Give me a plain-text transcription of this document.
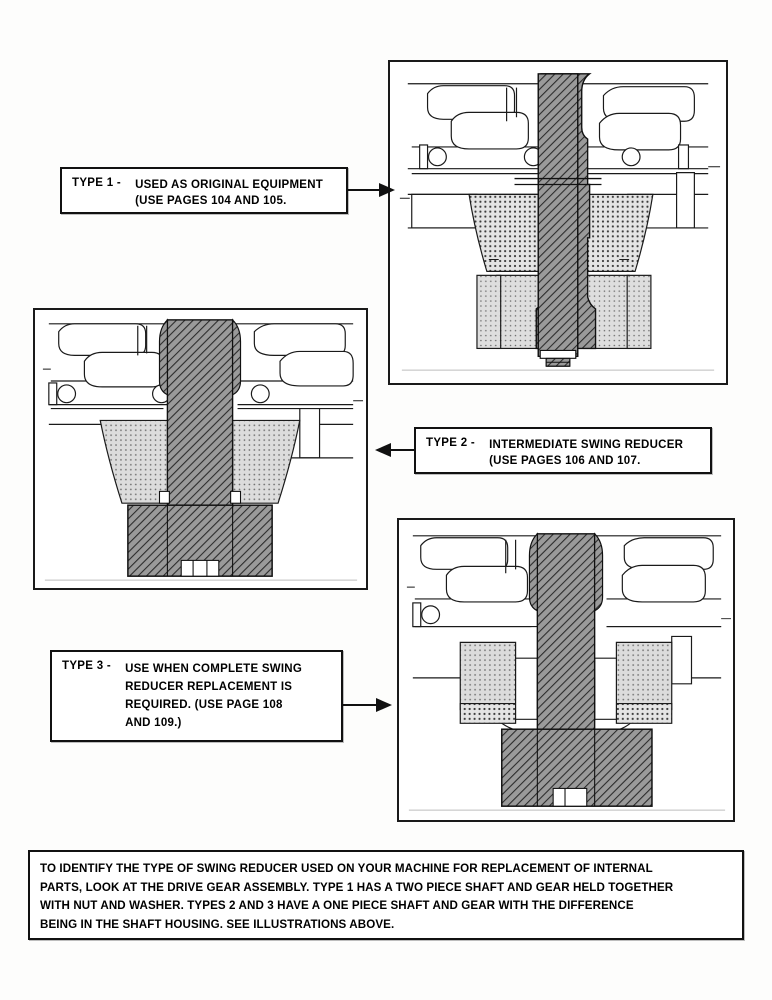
TYPE 1 - USED AS ORIGINAL EQUIPMENT
(USE PAGES 104 AND 105.
TYPE 2 - INTERMEDIATE SWING REDUCER
(USE PAGES 106 AND 107.
TYPE 3 - USE WHEN COMPLETE SWING
REDUCER REPLACEMENT IS
REQUIRED. (USE PAGE 108
AND 109.)
TO IDENTIFY THE TYPE OF SWING REDUCER USED ON YOUR MACHINE FOR REPLACEMENT OF INTERNAL
PARTS, LOOK AT THE DRIVE GEAR ASSEMBLY. TYPE 1 HAS A TWO PIECE SHAFT AND GEAR HELD TOGETHER
WITH NUT AND WASHER. TYPES 2 AND 3 HAVE A ONE PIECE SHAFT AND GEAR WITH THE DIFFERENCE
BEING IN THE SHAFT HOUSING. SEE ILLUSTRATIONS ABOVE.
